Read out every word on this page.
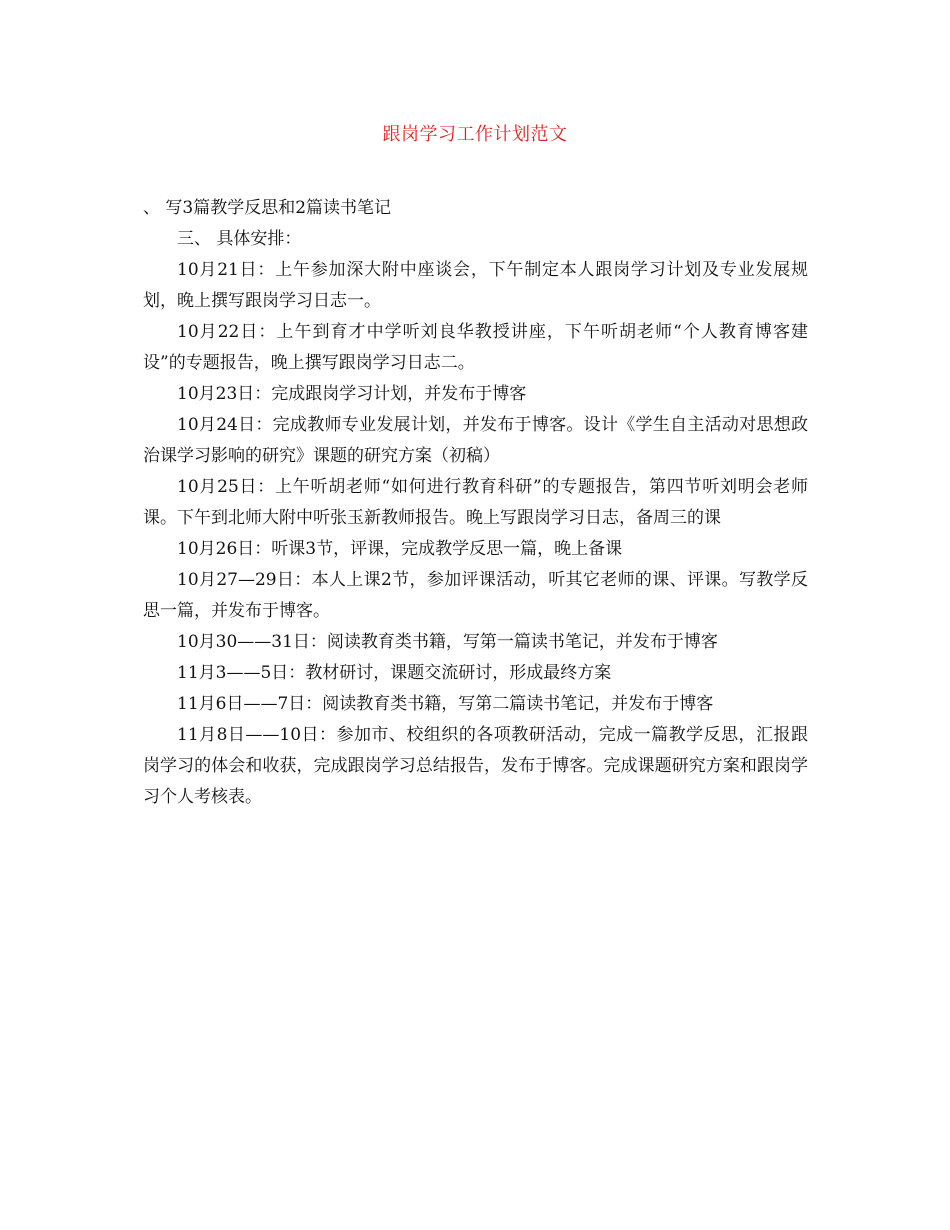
跟岗学习工作计划范文

、 写3篇教学反思和2篇读书笔记

三、 具体安排：

10月21日：上午参加深大附中座谈会，下午制定本人跟岗学习计划及专业发展规划，晚上撰写跟岗学习日志一。

10月22日：上午到育才中学听刘良华教授讲座，下午听胡老师“个人教育博客建设”的专题报告，晚上撰写跟岗学习日志二。

10月23日：完成跟岗学习计划，并发布于博客

10月24日：完成教师专业发展计划，并发布于博客。设计《学生自主活动对思想政治课学习影响的研究》课题的研究方案（初稿）

10月25日：上午听胡老师“如何进行教育科研”的专题报告，第四节听刘明会老师课。下午到北师大附中听张玉新教师报告。晚上写跟岗学习日志，备周三的课

10月26日：听课3节，评课，完成教学反思一篇，晚上备课

10月27—29日：本人上课2节，参加评课活动，听其它老师的课、评课。写教学反思一篇，并发布于博客。

10月30——31日：阅读教育类书籍，写第一篇读书笔记，并发布于博客

11月3——5日：教材研讨，课题交流研讨，形成最终方案

11月6日——7日：阅读教育类书籍，写第二篇读书笔记，并发布于博客

11月8日——10日：参加市、校组织的各项教研活动，完成一篇教学反思，汇报跟岗学习的体会和收获，完成跟岗学习总结报告，发布于博客。完成课题研究方案和跟岗学习个人考核表。
